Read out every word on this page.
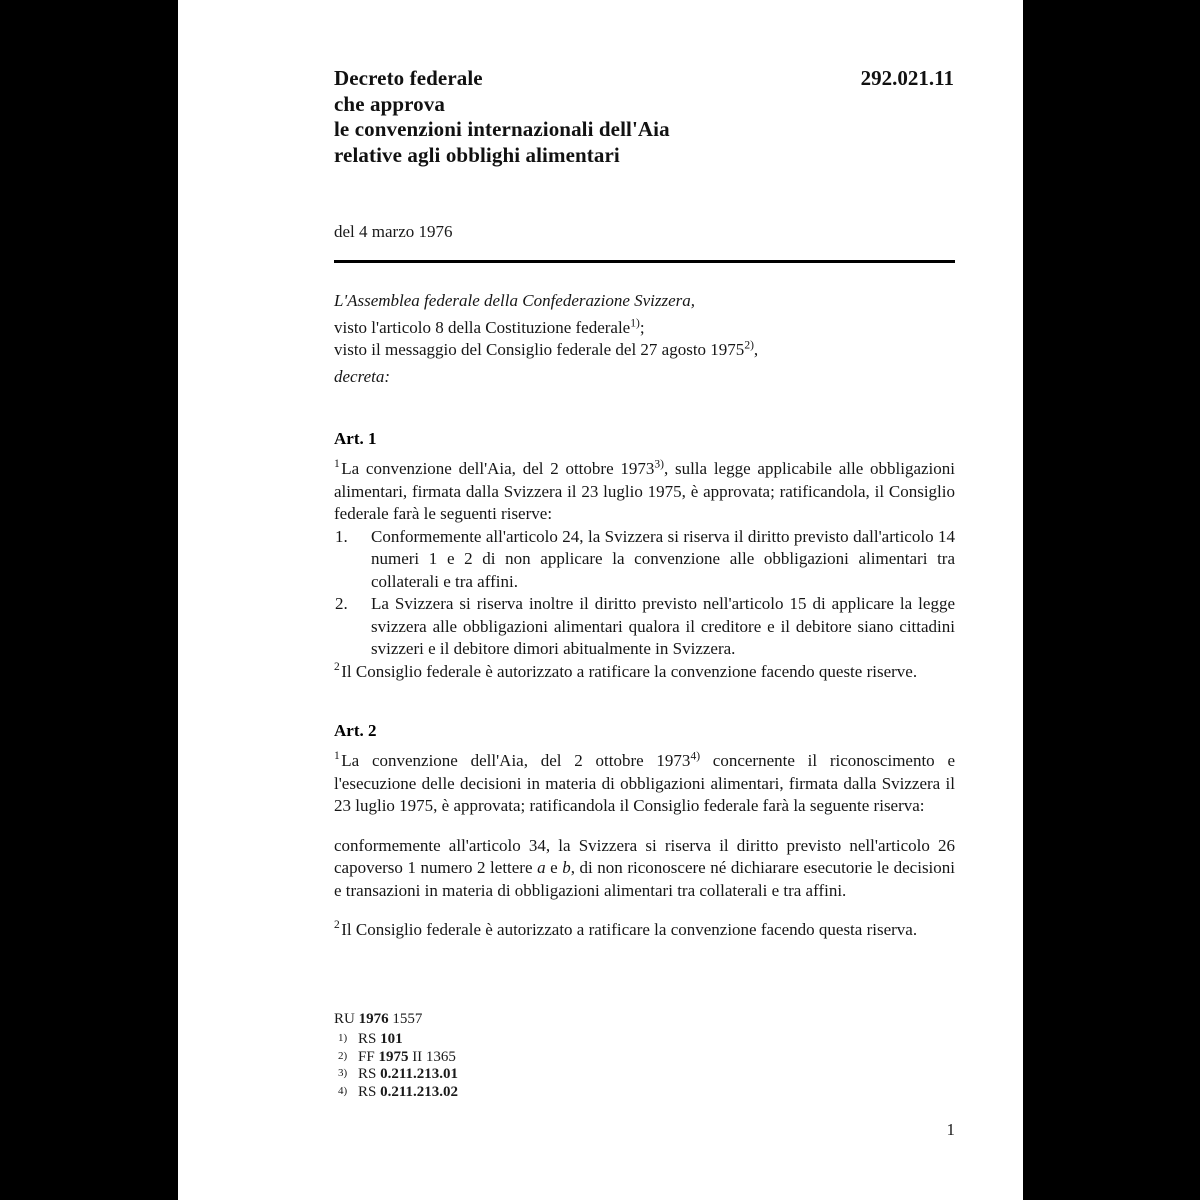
Decreto federale
che approva
le convenzioni internazionali dell'Aia
relative agli obblighi alimentari
292.021.11
del 4 marzo 1976
L'Assemblea federale della Confederazione Svizzera,
visto l'articolo 8 della Costituzione federale$^{1)}$;
visto il messaggio del Consiglio federale del 27 agosto 1975$^{2)}$,
decreta:
Art. 1

$^1$La convenzione dell'Aia, del 2 ottobre 1973$^{3)}$, sulla legge applicabile alle obbligazioni alimentari, firmata dalla Svizzera il 23 luglio 1975, è approvata; ratificandola, il Consiglio federale farà le seguenti riserve:

1.	Conformemente all'articolo 24, la Svizzera si riserva il diritto previsto dall'articolo 14 numeri 1 e 2 di non applicare la convenzione alle obbligazioni alimentari tra collaterali e tra affini.
2.	La Svizzera si riserva inoltre il diritto previsto nell'articolo 15 di applicare la legge svizzera alle obbligazioni alimentari qualora il creditore e il debitore siano cittadini svizzeri e il debitore dimori abitualmente in Svizzera.

$^2$Il Consiglio federale è autorizzato a ratificare la convenzione facendo queste riserve.

Art. 2

$^1$La convenzione dell'Aia, del 2 ottobre 1973$^{4)}$ concernente il riconoscimento e l'esecuzione delle decisioni in materia di obbligazioni alimentari, firmata dalla Svizzera il 23 luglio 1975, è approvata; ratificandola il Consiglio federale farà la seguente riserva:

conformemente all'articolo 34, la Svizzera si riserva il diritto previsto nell'articolo 26 capoverso 1 numero 2 lettere a e b, di non riconoscere né dichiarare esecutorie le decisioni e transazioni in materia di obbligazioni alimentari tra collaterali e tra affini.

$^2$Il Consiglio federale è autorizzato a ratificare la convenzione facendo questa riserva.

RU 1976 1557
1) RS 101
2) FF 1975 II 1365
3) RS 0.211.213.01
4) RS 0.211.213.02
1
